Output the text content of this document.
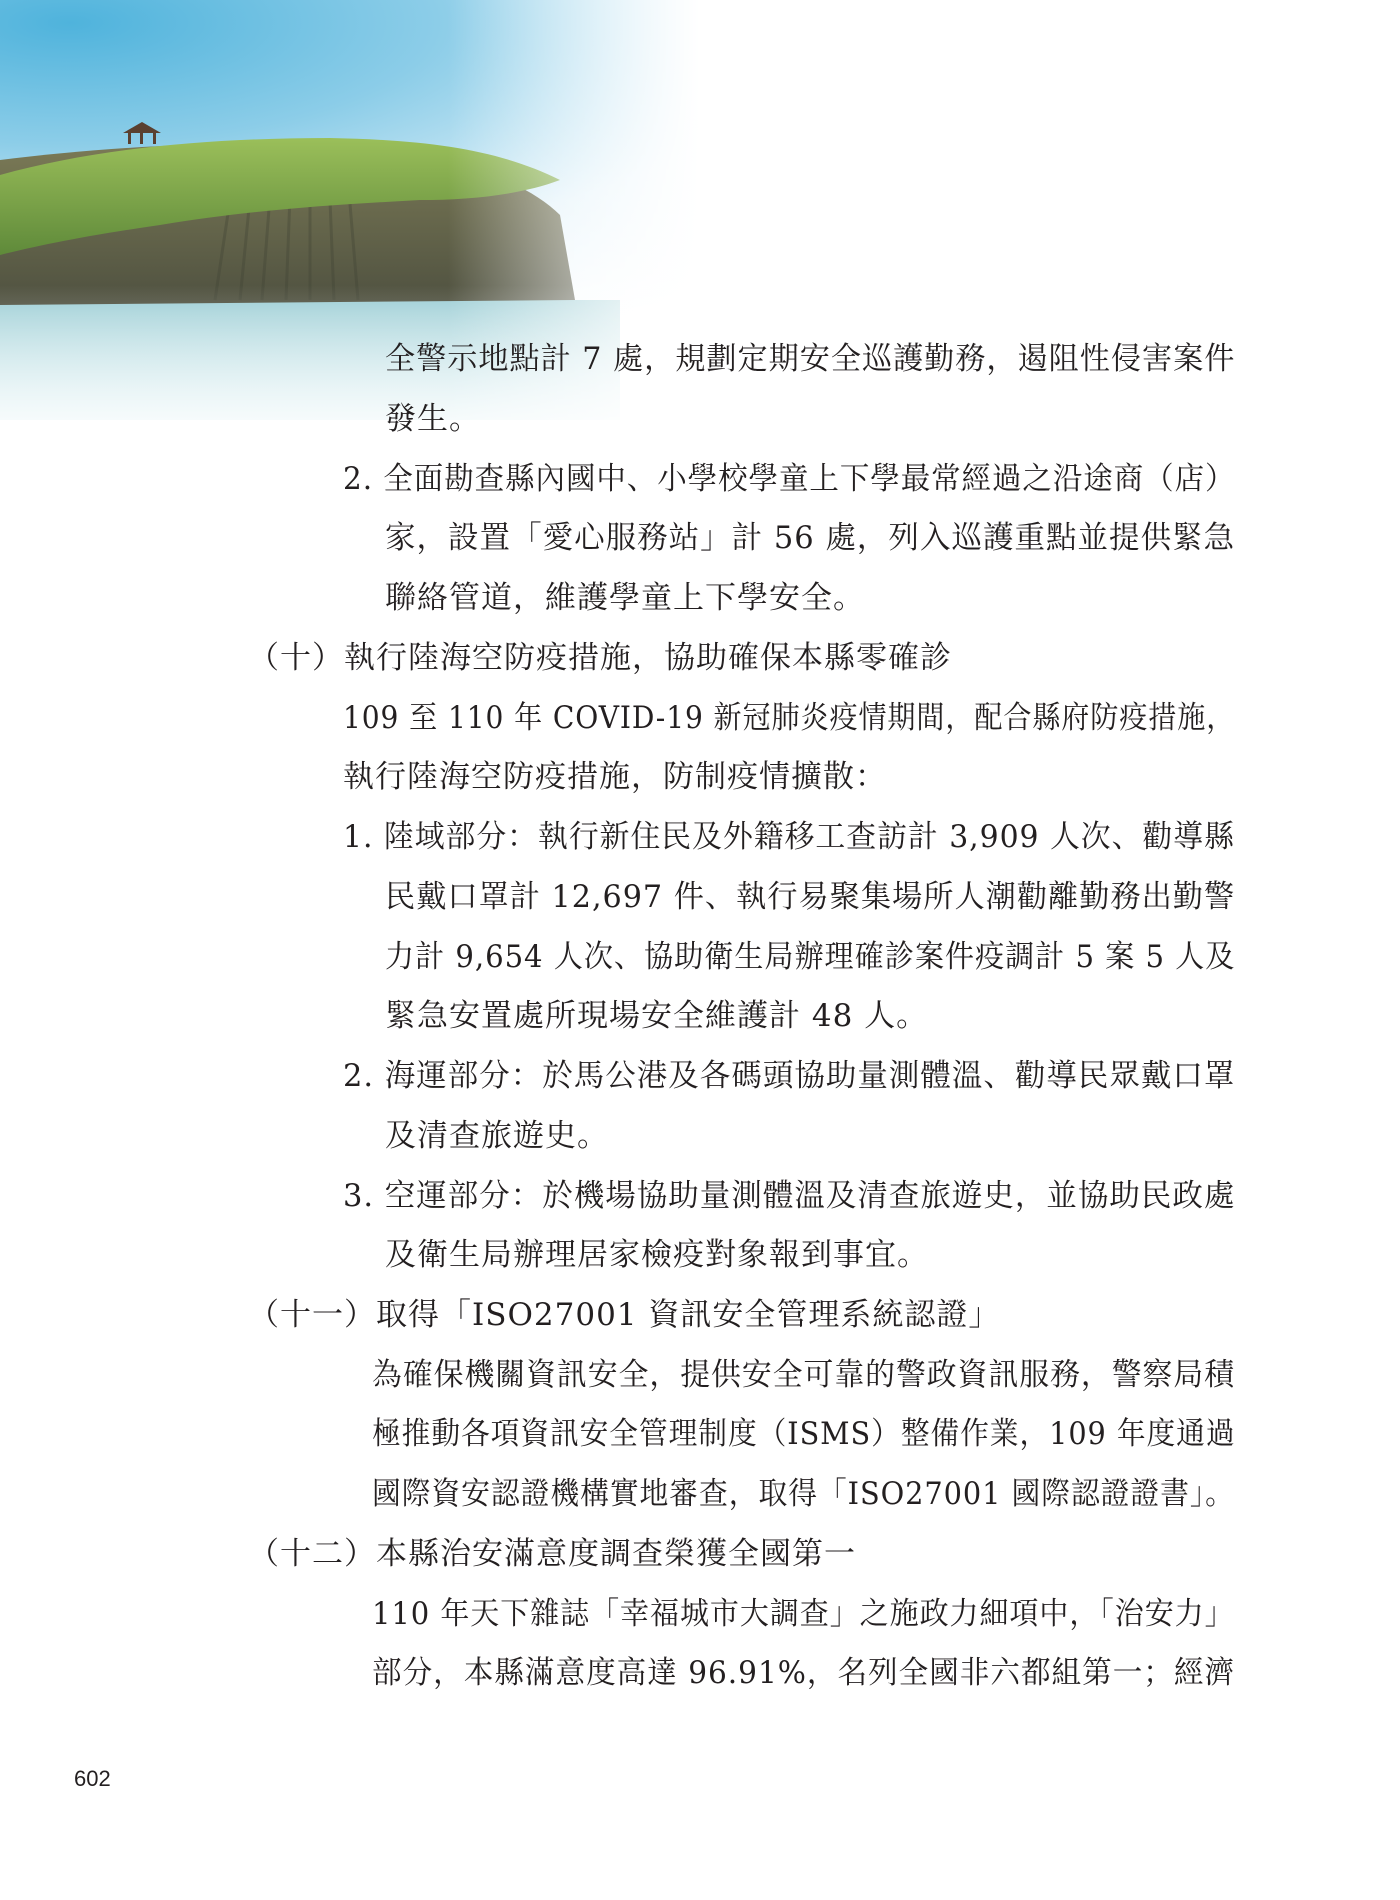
全警示地點計 7 處，規劃定期安全巡護勤務，遏阻性侵害案件
發生。
2. 全面勘查縣內國中、小學校學童上下學最常經過之沿途商（店）
家，設置「愛心服務站」計 56 處，列入巡護重點並提供緊急
聯絡管道，維護學童上下學安全。
（十）執行陸海空防疫措施，協助確保本縣零確診
109 至 110 年 COVID-19 新冠肺炎疫情期間，配合縣府防疫措施，
執行陸海空防疫措施，防制疫情擴散：
1. 陸域部分：執行新住民及外籍移工查訪計 3,909 人次、勸導縣
民戴口罩計 12,697 件、執行易聚集場所人潮勸離勤務出勤警
力計 9,654 人次、協助衛生局辦理確診案件疫調計 5 案 5 人及
緊急安置處所現場安全維護計 48 人。
2. 海運部分：於馬公港及各碼頭協助量測體溫、勸導民眾戴口罩
及清查旅遊史。
3. 空運部分：於機場協助量測體溫及清查旅遊史，並協助民政處
及衛生局辦理居家檢疫對象報到事宜。
（十一）取得「ISO27001 資訊安全管理系統認證」
為確保機關資訊安全，提供安全可靠的警政資訊服務，警察局積
極推動各項資訊安全管理制度（ISMS）整備作業，109 年度通過
國際資安認證機構實地審查，取得「ISO27001 國際認證證書」。
（十二）本縣治安滿意度調查榮獲全國第一
110 年天下雜誌「幸福城市大調查」之施政力細項中，「治安力」
部分，本縣滿意度高達 96.91%，名列全國非六都組第一；經濟
602
